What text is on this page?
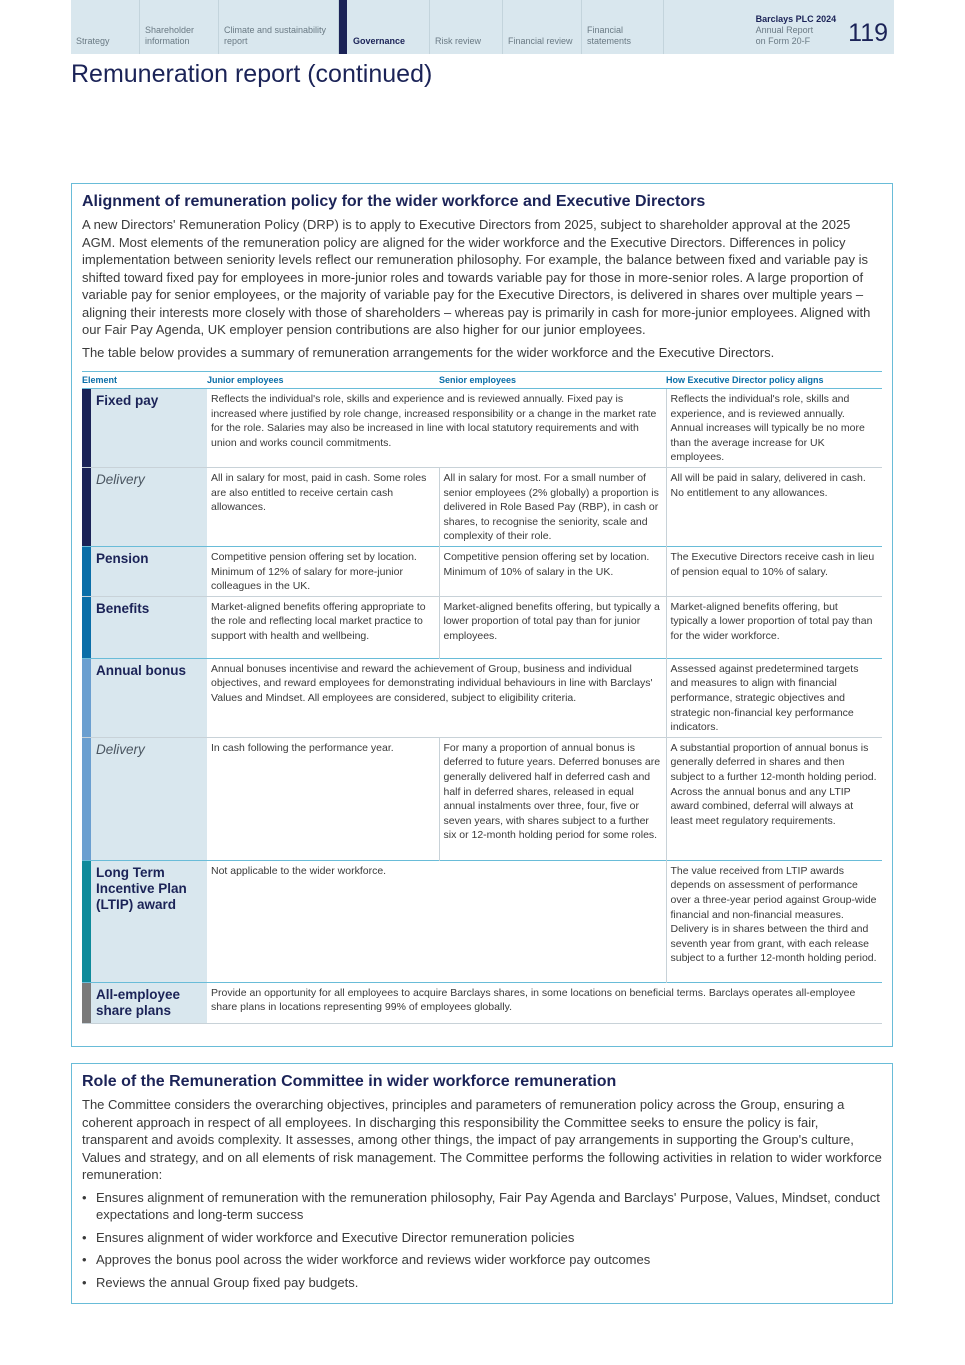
Strategy
Shareholder information
Climate and sustainability report	Governance	Risk review	Financial review
Financial statements
Barclays PLC 2024
Annual Report
on Form 20-F	119
Remuneration report (continued)
Alignment of remuneration policy for the wider workforce and Executive Directors

A new Directors' Remuneration Policy (DRP) is to apply to Executive Directors from 2025, subject to shareholder approval at the 2025 AGM. Most elements of the remuneration policy are aligned for the wider workforce and the Executive Directors. Differences in policy implementation between seniority levels reflect our remuneration philosophy. For example, the balance between fixed and variable pay is shifted toward fixed pay for employees in more-junior roles and towards variable pay for those in more-senior roles. A large proportion of variable pay for senior employees, or the majority of variable pay for the Executive Directors, is delivered in shares over multiple years – aligning their interests more closely with those of shareholders – whereas pay is primarily in cash for more-junior employees. Aligned with our Fair Pay Agenda, UK employer pension contributions are also higher for our junior employees.

The table below provides a summary of remuneration arrangements for the wider workforce and the Executive Directors.

Element	Junior employees	Senior employees	How Executive Director policy aligns

Fixed pay	Reflects the individual's role, skills and experience and is reviewed annually. Fixed pay is increased where justified by role change, increased responsibility or a change in the market rate for the role. Salaries may also be increased in line with local statutory requirements and with union and works council commitments.		Reflects the individual's role, skills and experience, and is reviewed annually. Annual increases will typically be no more than the average increase for UK employees.

Delivery	All in salary for most, paid in cash. Some roles are also entitled to receive certain cash allowances.	All in salary for most. For a small number of senior employees (2% globally) a proportion is delivered in Role Based Pay (RBP), in cash or shares, to recognise the seniority, scale and complexity of their role.	All will be paid in salary, delivered in cash. No entitlement to any allowances.

Pension	Competitive pension offering set by location. Minimum of 12% of salary for more-junior colleagues in the UK.	Competitive pension offering set by location. Minimum of 10% of salary in the UK.	The Executive Directors receive cash in lieu of pension equal to 10% of salary.

Benefits	Market-aligned benefits offering appropriate to the role and reflecting local market practice to support with health and wellbeing.	Market-aligned benefits offering, but typically a lower proportion of total pay than for junior employees.	Market-aligned benefits offering, but typically a lower proportion of total pay than for the wider workforce.

Annual bonus	Annual bonuses incentivise and reward the achievement of Group, business and individual objectives, and reward employees for demonstrating individual behaviours in line with Barclays' Values and Mindset. All employees are considered, subject to eligibility criteria.		Assessed against predetermined targets and measures to align with financial performance, strategic objectives and strategic non-financial key performance indicators.

Delivery	In cash following the performance year.	For many a proportion of annual bonus is deferred to future years. Deferred bonuses are generally delivered half in deferred cash and half in deferred shares, released in equal annual instalments over three, four, five or seven years, with shares subject to a further six or 12-month holding period for some roles.	A substantial proportion of annual bonus is generally deferred in shares and then subject to a further 12-month holding period. Across the annual bonus and any LTIP award combined, deferral will always at least meet regulatory requirements.

Long Term Incentive Plan (LTIP) award	Not applicable to the wider workforce.		The value received from LTIP awards depends on assessment of performance over a three-year period against Group-wide financial and non-financial measures. Delivery is in shares between the third and seventh year from grant, with each release subject to a further 12-month holding period.

All-employee share plans	Provide an opportunity for all employees to acquire Barclays shares, in some locations on beneficial terms. Barclays operates all-employee share plans in locations representing 99% of employees globally.		
Role of the Remuneration Committee in wider workforce remuneration

The Committee considers the overarching objectives, principles and parameters of remuneration policy across the Group, ensuring a coherent approach in respect of all employees. In discharging this responsibility the Committee seeks to ensure the policy is fair, transparent and avoids complexity. It assesses, among other things, the impact of pay arrangements in supporting the Group's culture, Values and strategy, and on all elements of risk management. The Committee performs the following activities in relation to wider workforce remuneration:

• Ensures alignment of remuneration with the remuneration philosophy, Fair Pay Agenda and Barclays' Purpose, Values, Mindset, conduct expectations and long-term success
• Ensures alignment of wider workforce and Executive Director remuneration policies
• Approves the bonus pool across the wider workforce and reviews wider workforce pay outcomes
• Reviews the annual Group fixed pay budgets.
